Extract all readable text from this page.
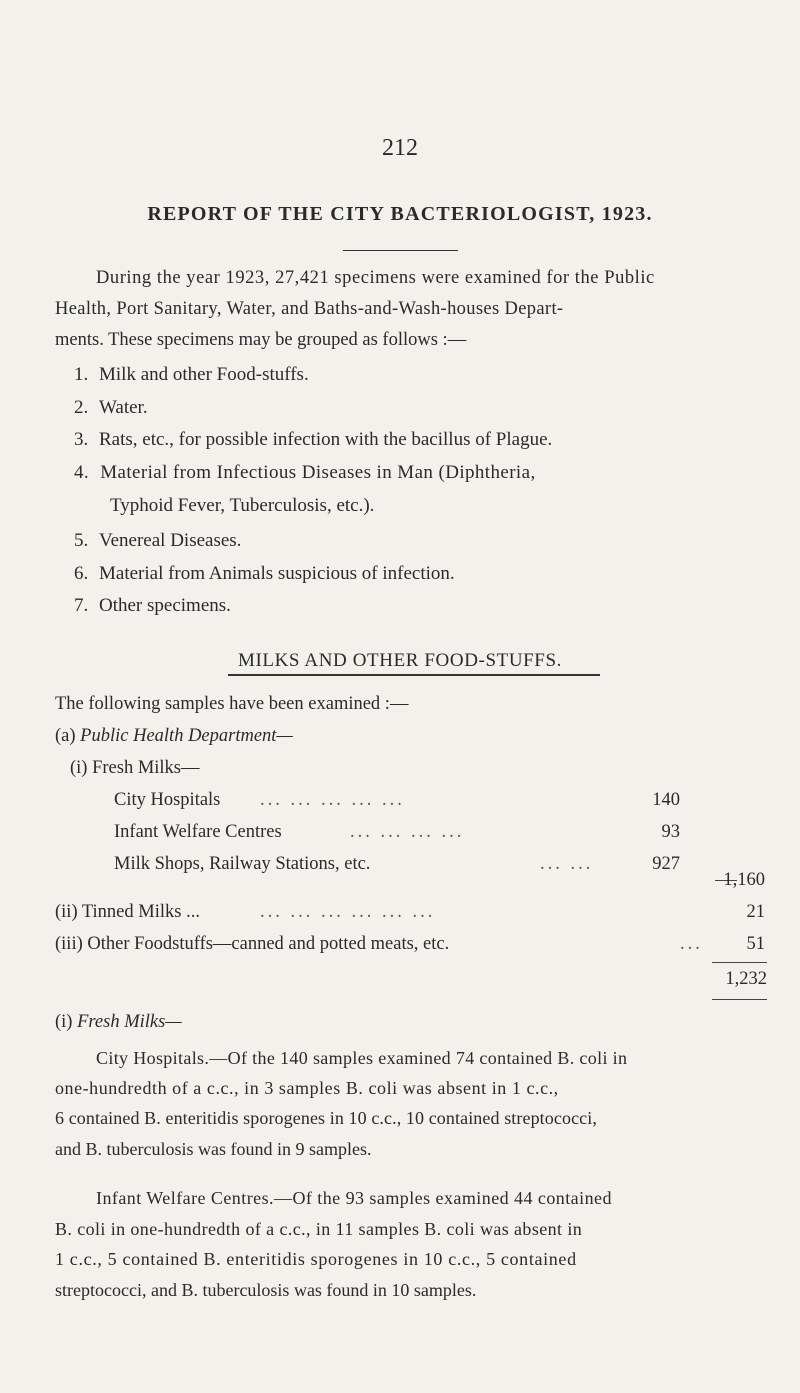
212
REPORT OF THE CITY BACTERIOLOGIST, 1923.
During the year 1923, 27,421 specimens were examined for the Public
Health, Port Sanitary, Water, and Baths-and-Wash-houses Depart-
ments. These specimens may be grouped as follows :—
1. Milk and other Food-stuffs.
2. Water.
3. Rats, etc., for possible infection with the bacillus of Plague.
4. Material from Infectious Diseases in Man (Diphtheria,
Typhoid Fever, Tuberculosis, etc.).
5. Venereal Diseases.
6. Material from Animals suspicious of infection.
7. Other specimens.
MILKS AND OTHER FOOD-STUFFS.
The following samples have been examined :—
(a) Public Health Department—
(i) Fresh Milks—
City Hospitals ... ... ... ... ...	140
Infant Welfare Centres	... ... ... ...	93
Milk Shops, Railway Stations, etc.	... ...	927
1,160
(ii) Tinned Milks ...	... ... ... ... ... ...	21
(iii) Other Foodstuffs—canned and potted meats, etc.	...	51
1,232
(i) Fresh Milks—
City Hospitals.—Of the 140 samples examined 74 contained B. coli in
one-hundredth of a c.c., in 3 samples B. coli was absent in 1 c.c.,
6 contained B. enteritidis sporogenes in 10 c.c., 10 contained streptococci,
and B. tuberculosis was found in 9 samples.
Infant Welfare Centres.—Of the 93 samples examined 44 contained
B. coli in one-hundredth of a c.c., in 11 samples B. coli was absent in
1 c.c., 5 contained B. enteritidis sporogenes in 10 c.c., 5 contained
streptococci, and B. tuberculosis was found in 10 samples.
